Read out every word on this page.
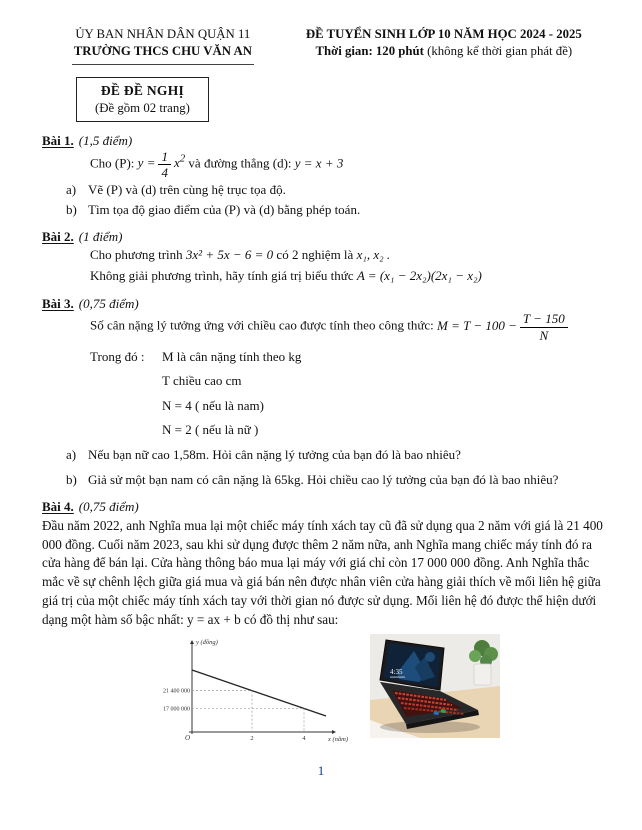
ỦY BAN NHÂN DÂN QUẬN 11
TRƯỜNG THCS CHU VĂN AN
ĐỀ TUYỂN SINH LỚP 10 NĂM HỌC 2024 - 2025
Thời gian: 120 phút (không kể thời gian phát đề)
ĐỀ ĐỀ NGHỊ
(Đề gồm 02 trang)
Bài 1. (1,5 điểm)
Cho (P): $y = \frac{1}{4} x^2$ và đường thẳng (d): y = x + 3
a) Vẽ (P) và (d) trên cùng hệ trục tọa độ.
b) Tìm tọa độ giao điểm của (P) và (d) bằng phép toán.
Bài 2. (1 điểm)
Cho phương trình 3x² + 5x − 6 = 0 có 2 nghiệm là x₁, x₂ .
Không giải phương trình, hãy tính giá trị biểu thức A = (x₁ − 2x₂)(2x₁ − x₂)
Bài 3. (0,75 điểm)
Số cân nặng lý tưởng ứng với chiều cao được tính theo công thức: $M = T - 100 - \frac{T - 150}{N}$
Trong đó :	M là cân nặng tính theo kg
T chiều cao cm
N = 4 ( nếu là nam)
N = 2 ( nếu là nữ )
a) Nếu bạn nữ cao 1,58m. Hỏi cân nặng lý tưởng của bạn đó là bao nhiêu?
b) Giả sử một bạn nam có cân nặng là 65kg. Hỏi chiều cao lý tưởng của bạn đó là bao nhiêu?
Bài 4. (0,75 điểm)
Đầu năm 2022, anh Nghĩa mua lại một chiếc máy tính xách tay cũ đã sử dụng qua 2 năm với giá là 21 400 000 đồng. Cuối năm 2023, sau khi sử dụng được thêm 2 năm nữa, anh Nghĩa mang chiếc máy tính đó ra cửa hàng để bán lại. Cửa hàng thông báo mua lại máy với giá chỉ còn 17 000 000 đồng. Anh Nghĩa thắc mắc về sự chênh lệch giữa giá mua và giá bán nên được nhân viên cửa hàng giải thích về mối liên hệ giữa giá trị của một chiếc máy tính xách tay với thời gian nó được sử dụng. Mối liên hệ đó được thể hiện dưới dạng một hàm số bậc nhất: y = ax + b có đồ thị như sau:
y (đồng)
x (năm)
O	2
21 400 000
4
17 000 000
4:35
1
